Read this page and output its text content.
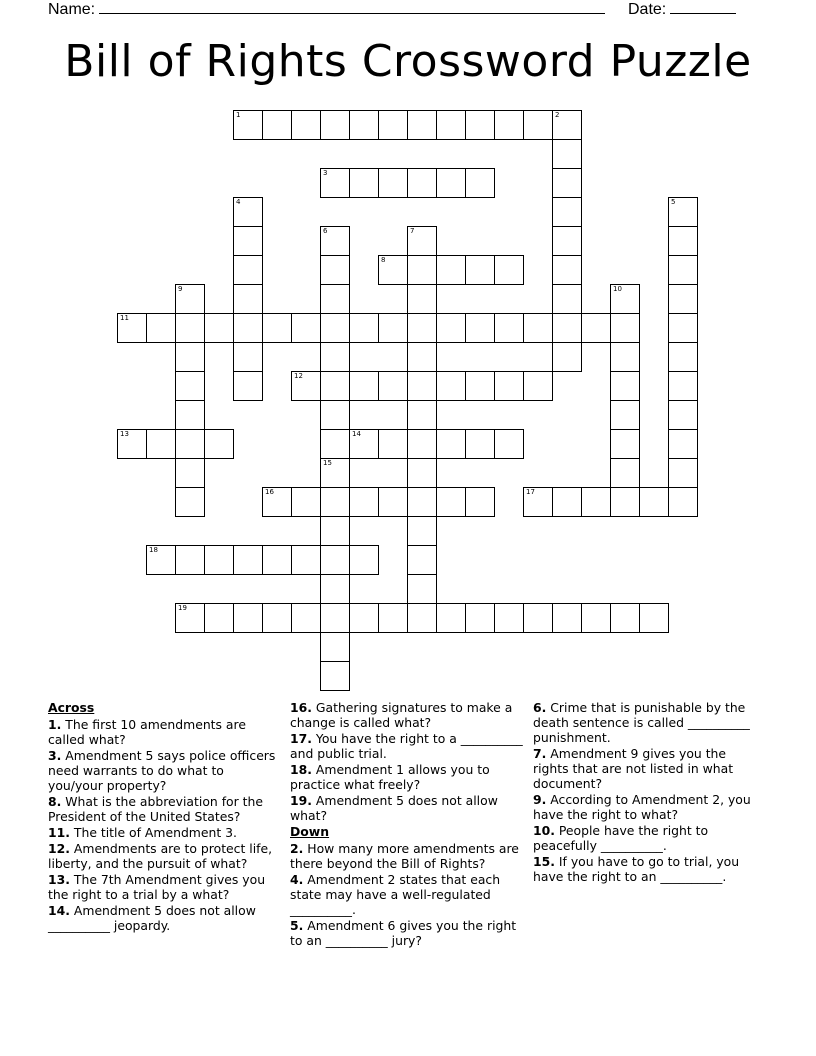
Name:	Date:
Bill of Rights Crossword Puzzle
1	2
3
4	5
6	7
8
9	10
11
12
13	14
15
16	17
18
19
Across
1. The first 10 amendments are called what?
3. Amendment 5 says police officers need warrants to do what to you/your property?
8. What is the abbreviation for the President of the United States?
11. The title of Amendment 3.
12. Amendments are to protect life, liberty, and the pursuit of what?
13. The 7th Amendment gives you the right to a trial by a what?
14. Amendment 5 does not allow __________ jeopardy.
16. Gathering signatures to make a change is called what?
17. You have the right to a __________ and public trial.
18. Amendment 1 allows you to practice what freely?
19. Amendment 5 does not allow what?
Down
2. How many more amendments are there beyond the Bill of Rights?
4. Amendment 2 states that each state may have a well-regulated __________.
5. Amendment 6 gives you the right to an __________ jury?
6. Crime that is punishable by the death sentence is called __________ punishment.
7. Amendment 9 gives you the rights that are not listed in what document?
9. According to Amendment 2, you have the right to what?
10. People have the right to peacefully __________.
15. If you have to go to trial, you have the right to an __________.
